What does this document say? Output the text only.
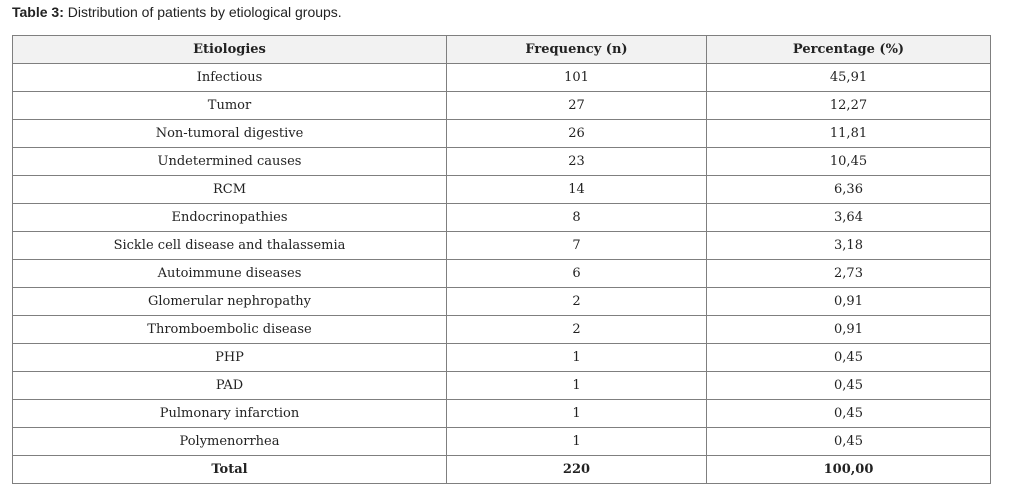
Table 3: Distribution of patients by etiological groups.
Etiologies	Frequency (n)	Percentage (%)
Infectious	101	45,91
Tumor	27	12,27
Non-tumoral digestive	26	11,81
Undetermined causes	23	10,45
RCM	14	6,36
Endocrinopathies	8	3,64
Sickle cell disease and thalassemia	7	3,18
Autoimmune diseases	6	2,73
Glomerular nephropathy	2	0,91
Thromboembolic disease	2	0,91
PHP	1	0,45
PAD	1	0,45
Pulmonary infarction	1	0,45
Polymenorrhea	1	0,45
Total	220	100,00
